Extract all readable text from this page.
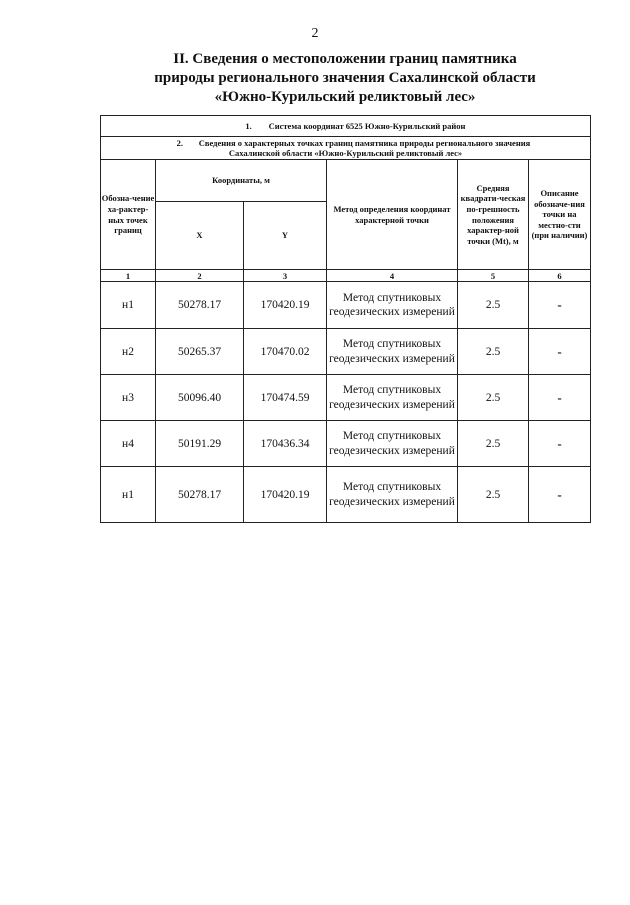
2
II. Сведения о местоположении границ памятника
природы регионального значения Сахалинской области
«Южно-Курильский реликтовый лес»
1. Система координат 6525 Южно-Курильский район					
2. Сведения о характерных точках границ памятника природы регионального значения
Сахалинской области «Южно-Курильский реликтовый лес»					
Обозна-чение ха-рактер-ных точек границ	Координаты, м		Метод определения координат характерной точки	Средняя квадрати-ческая по-грешность положения характер-ной точки (Mt), м	Описание обозначе-ния точки на местно-сти (при наличии)
	X	Y			
1	2	3	4	5	6
н1	50278.17	170420.19	Метод спутниковых геодезических измерений	2.5	-
н2	50265.37	170470.02	Метод спутниковых геодезических измерений	2.5	-
н3	50096.40	170474.59	Метод спутниковых геодезических измерений	2.5	-
н4	50191.29	170436.34	Метод спутниковых геодезических измерений	2.5	-
н1	50278.17	170420.19	Метод спутниковых геодезических измерений	2.5	-
